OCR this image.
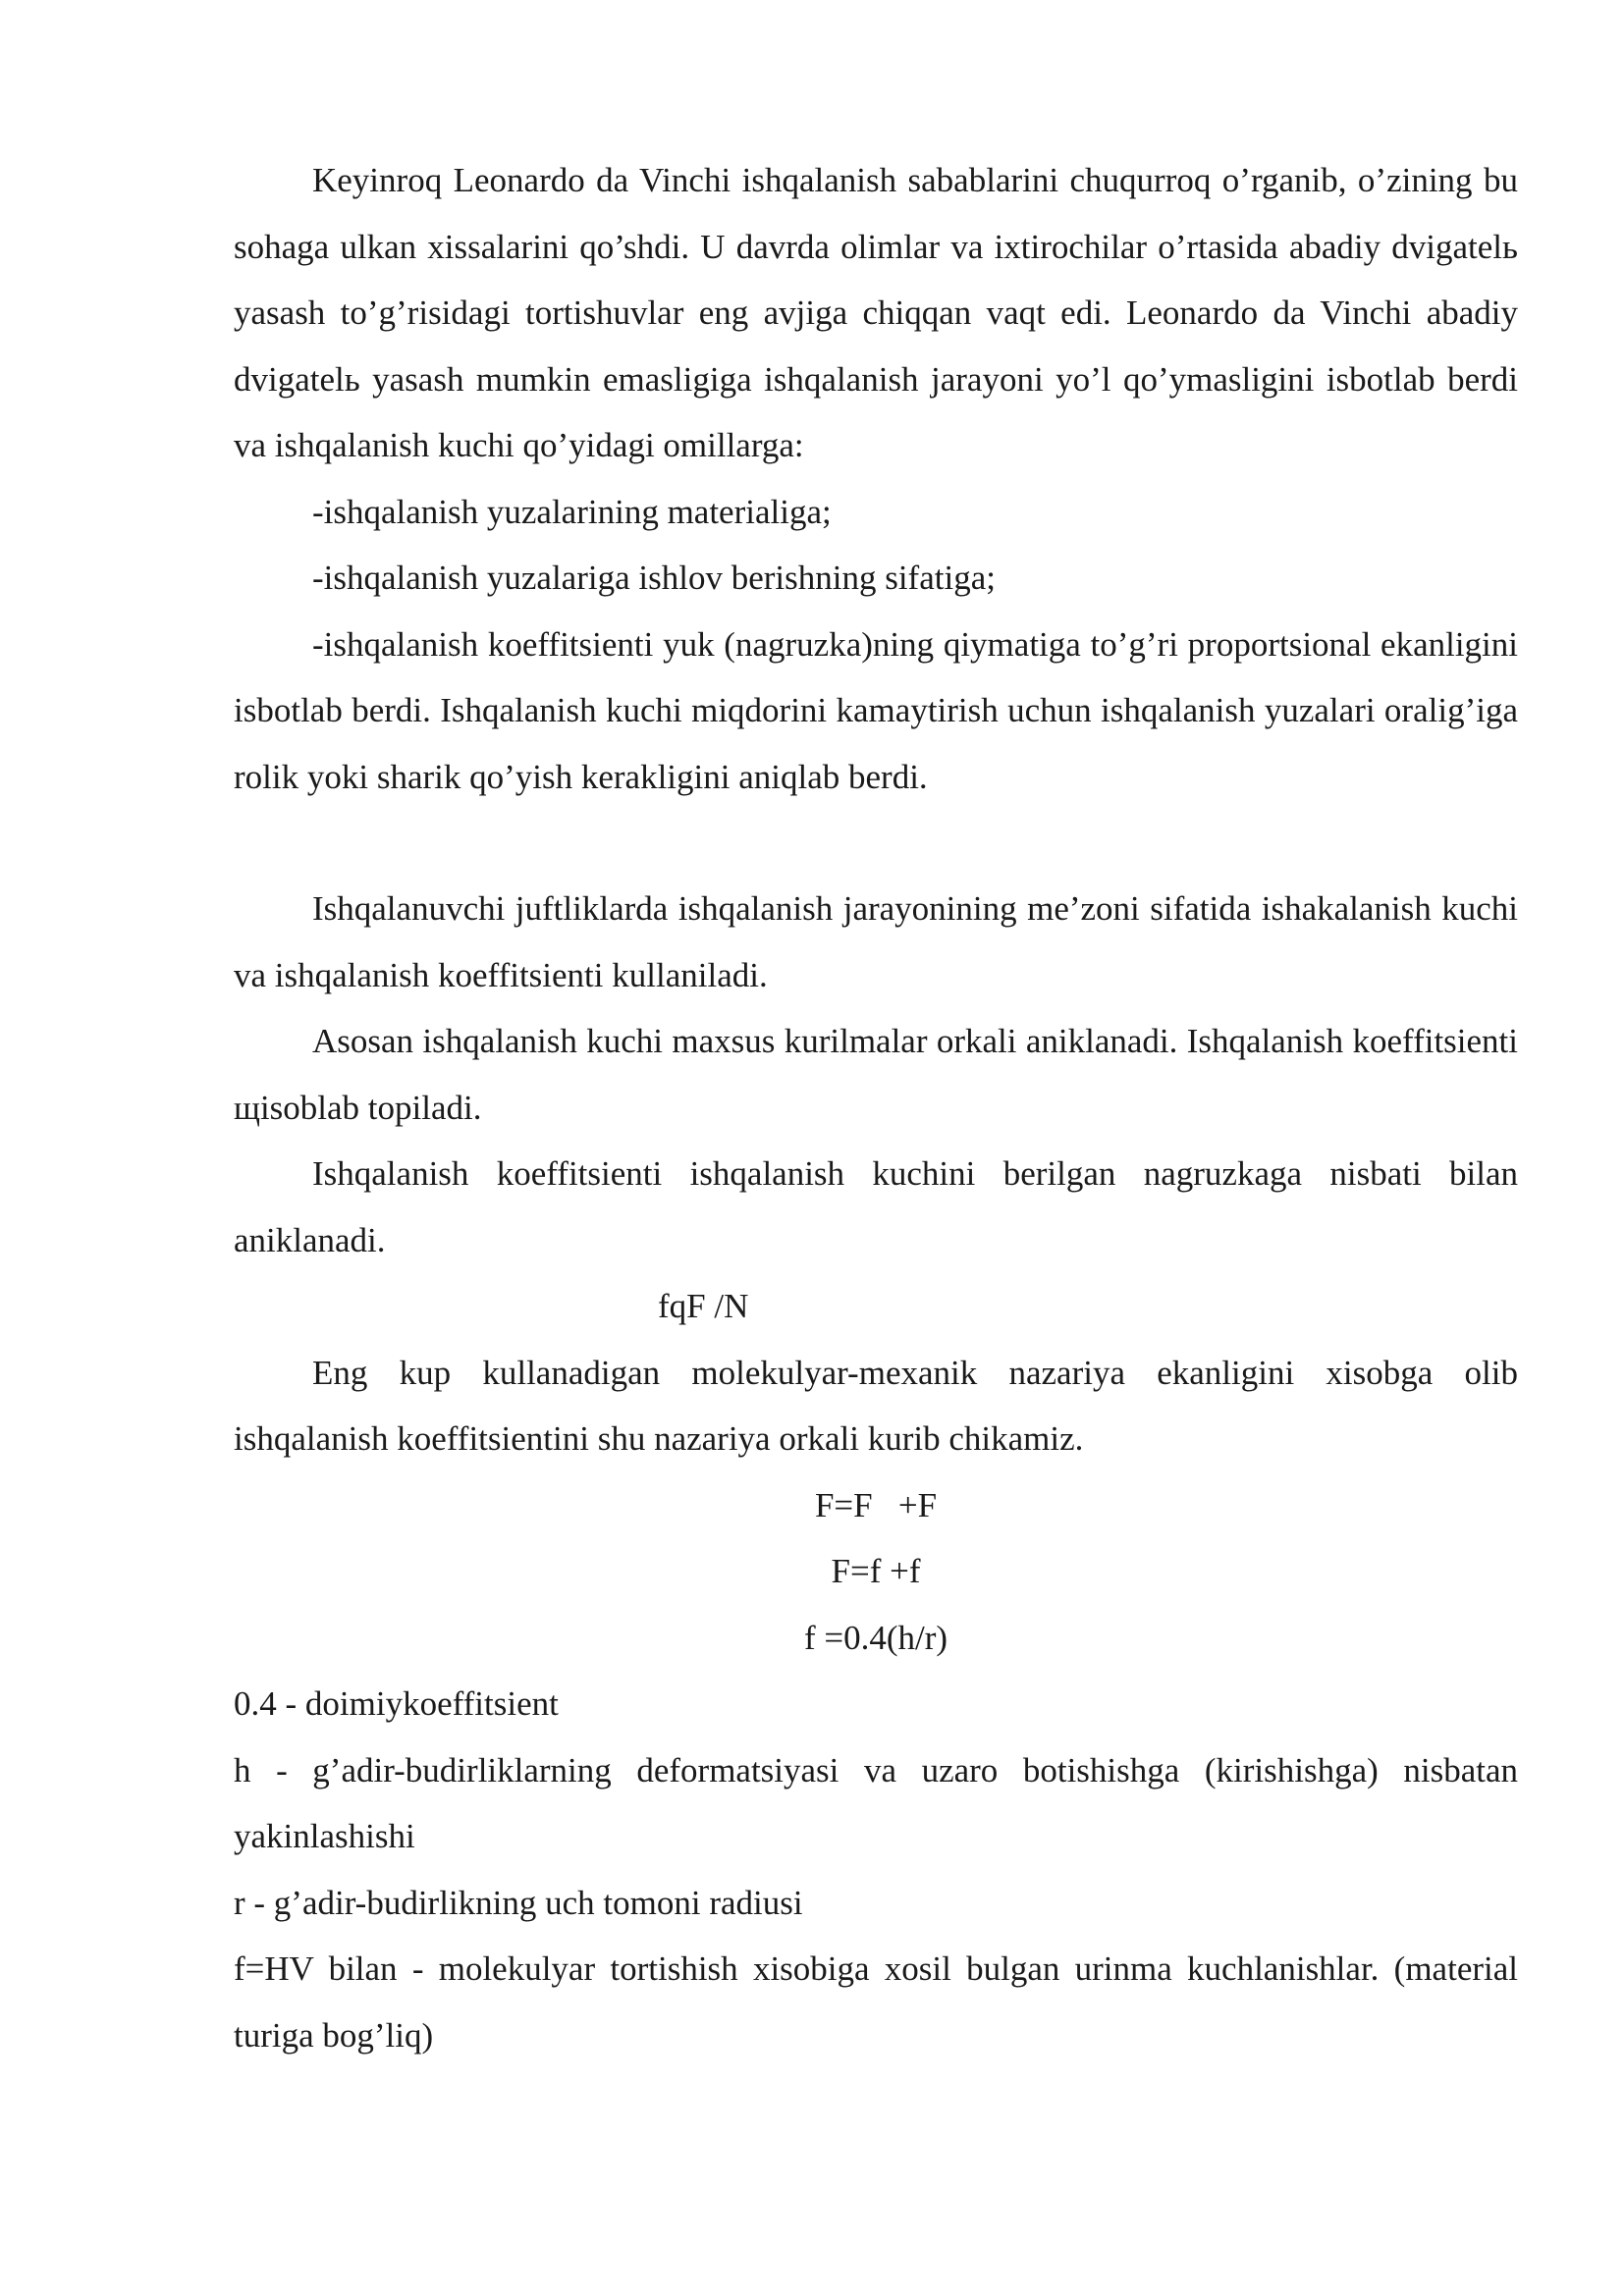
Keyinroq Leonardo da Vinchi ishqalanish sabablarini chuqurroq o’rganib, o’zining bu sohaga ulkan xissalarini qo’shdi. U davrda olimlar va ixtirochilar o’rtasida abadiy dvigatelь yasash to’g’risidagi tortishuvlar eng avjiga chiqqan vaqt edi. Leonardo da Vinchi abadiy dvigatelь yasash mumkin emasligiga ishqalanish jarayoni yo’l qo’ymasligini isbotlab berdi va ishqalanish kuchi qo’yidagi omillarga:

-ishqalanish yuzalarining materialiga;

-ishqalanish yuzalariga ishlov berishning sifatiga;

-ishqalanish koeffitsienti yuk (nagruzka)ning qiymatiga to’g’ri proportsional ekanligini isbotlab berdi. Ishqalanish kuchi miqdorini kamaytirish uchun ishqalanish yuzalari oralig’iga rolik yoki sharik qo’yish kerakligini aniqlab berdi.

Ishqalanuvchi juftliklarda ishqalanish jarayonining me’zoni sifatida ishakalanish kuchi va ishqalanish koeffitsienti kullaniladi.

Asosan ishqalanish kuchi maxsus kurilmalar orkali aniklanadi. Ishqalanish koeffitsienti щisoblab topiladi.

Ishqalanish koeffitsienti ishqalanish kuchini berilgan nagruzkaga nisbati bilan aniklanadi.

fqF /N

Eng kup kullanadigan molekulyar-mexanik nazariya ekanligini xisobga olib ishqalanish koeffitsientini shu nazariya orkali kurib chikamiz.

F=F   +F

F=f +f

f =0.4(h/r)

0.4 - doimiykoeffitsient

h - g’adir-budirliklarning deformatsiyasi va uzaro botishishga (kirishishga) nisbatan yakinlashishi

r - g’adir-budirlikning uch tomoni radiusi

f=HV bilan - molekulyar tortishish xisobiga xosil bulgan urinma kuchlanishlar. (material turiga bog’liq)
